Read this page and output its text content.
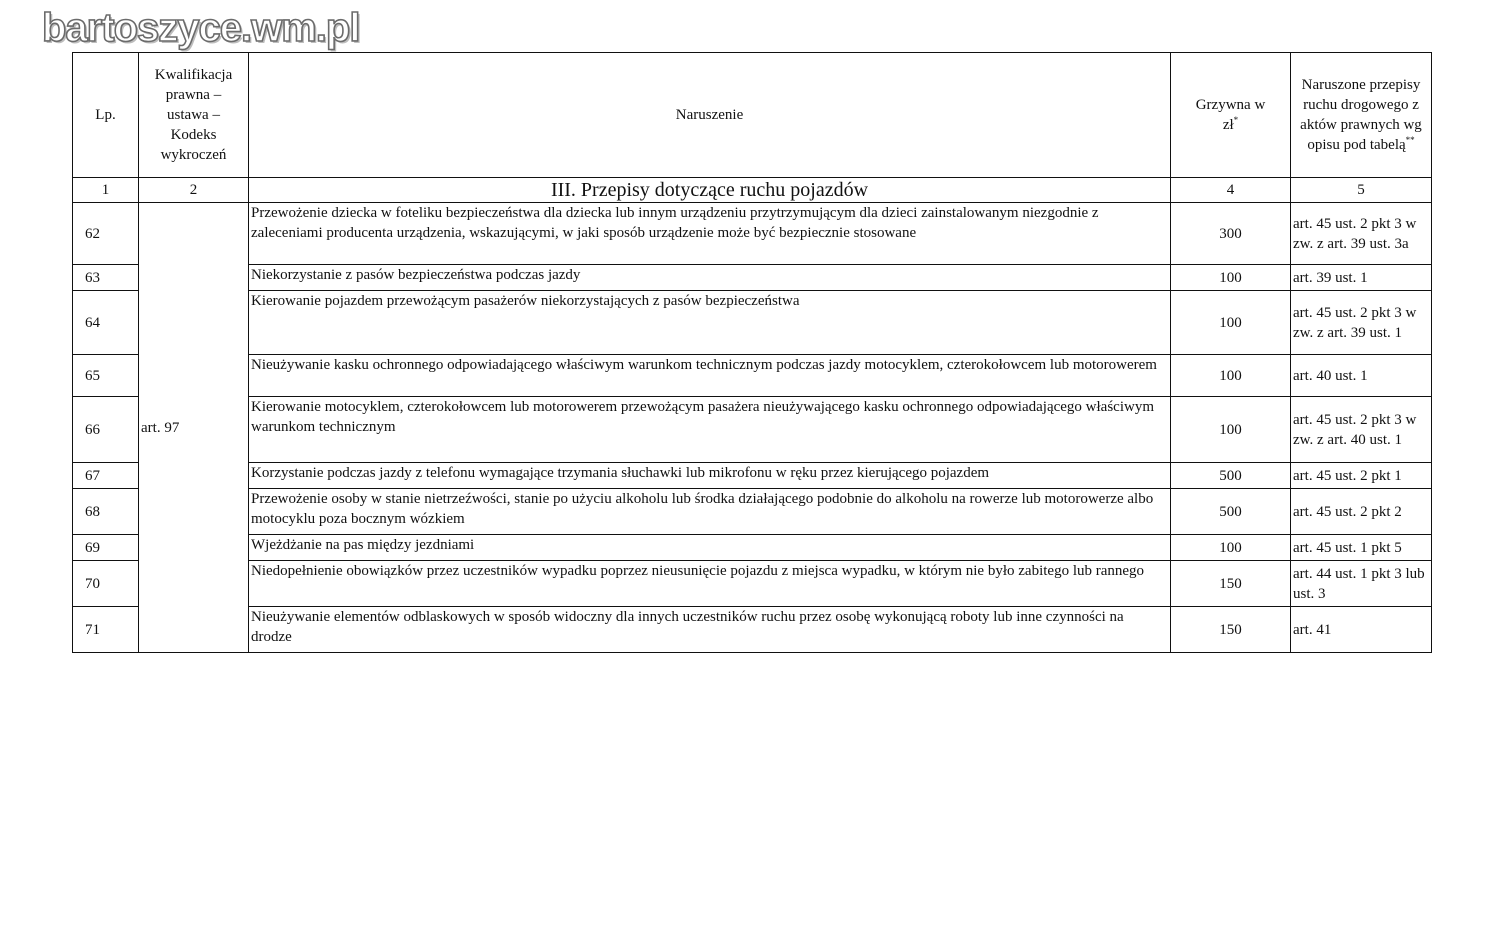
bartoszyce.wm.pl
Lp.	Kwalifikacja prawna – ustawa – Kodeks wykroczeń	Naruszenie	Grzywna w zł*	Naruszone przepisy ruchu drogowego z aktów prawnych wg opisu pod tabelą**
1	2	III. Przepisy dotyczące ruchu pojazdów	4	5
62	art. 97	Przewożenie dziecka w foteliku bezpieczeństwa dla dziecka lub innym urządzeniu przytrzymującym dla dzieci zainstalowanym niezgodnie z zaleceniami producenta urządzenia, wskazującymi, w jaki sposób urządzenie może być bezpiecznie stosowane	300	art. 45 ust. 2 pkt 3 w zw. z art. 39 ust. 3a
63		Niekorzystanie z pasów bezpieczeństwa podczas jazdy	100	art. 39 ust. 1
64		Kierowanie pojazdem przewożącym pasażerów niekorzystających z pasów bezpieczeństwa	100	art. 45 ust. 2 pkt 3 w zw. z art. 39 ust. 1
65		Nieużywanie kasku ochronnego odpowiadającego właściwym warunkom technicznym podczas jazdy motocyklem, czterokołowcem lub motorowerem	100	art. 40 ust. 1
66		Kierowanie motocyklem, czterokołowcem lub motorowerem przewożącym pasażera nieużywającego kasku ochronnego odpowiadającego właściwym warunkom technicznym	100	art. 45 ust. 2 pkt 3 w zw. z art. 40 ust. 1
67		Korzystanie podczas jazdy z telefonu wymagające trzymania słuchawki lub mikrofonu w ręku przez kierującego pojazdem	500	art. 45 ust. 2 pkt 1
68		Przewożenie osoby w stanie nietrzeźwości, stanie po użyciu alkoholu lub środka działającego podobnie do alkoholu na rowerze lub motorowerze albo motocyklu poza bocznym wózkiem	500	art. 45 ust. 2 pkt 2
69		Wjeżdżanie na pas między jezdniami	100	art. 45 ust. 1 pkt 5
70		Niedopełnienie obowiązków przez uczestników wypadku poprzez nieusunięcie pojazdu z miejsca wypadku, w którym nie było zabitego lub rannego	150	art. 44 ust. 1 pkt 3 lub ust. 3
71		Nieużywanie elementów odblaskowych w sposób widoczny dla innych uczestników ruchu przez osobę wykonującą roboty lub inne czynności na drodze	150	art. 41
